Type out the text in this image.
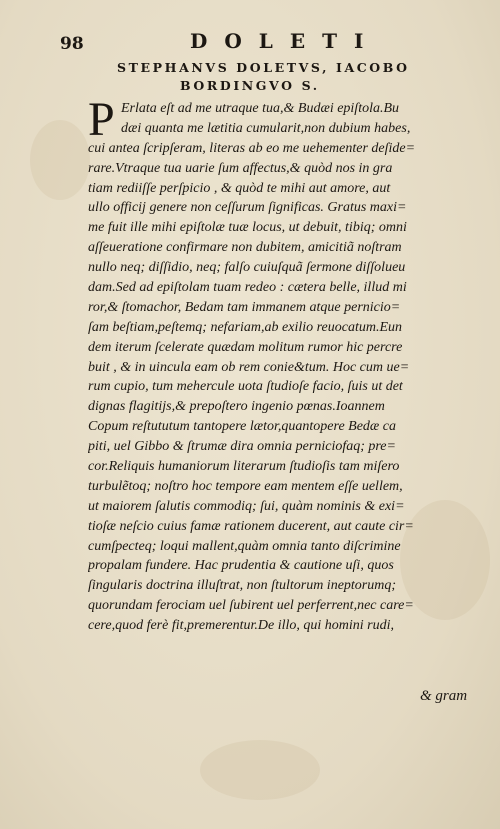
98	DOLETI
STEPHANVS DOLETVS, IACOBO
BORDINGVO S.
P Erlata eſt ad me utraque tua,& Budæi epiſtola.Bu
dæi quanta me lætitia cumularit,non dubium habes,
cui antea ſcripſeram, literas ab eo me uehementer deſide=
rare.Vtraque tua uarie ſum affectus,& quòd nos in gra
tiam rediiſſe perſpicio , & quòd te mihi aut amore, aut
ullo officij genere non ceſſurum ſignificas. Gratus maxi=
me fuit ille mihi epiſtolæ tuæ locus, ut debuit, tibiq; omni
aſſeueratione confirmare non dubitem, amicitiã noſtram
nullo neq; diſſidio, neq; falſo cuiuſquã ſermone diſſolueu
dam.Sed ad epiſtolam tuam redeo : cætera belle, illud mi
ror,& ſtomachor, Bedam tam immanem atque pernicio=
ſam beſtiam,peſtemq; nefariam,ab exilio reuocatum.Eun
dem iterum ſcelerate quædam molitum rumor hic percre
buit , & in uincula eam ob rem conie&tum. Hoc cum ue=
rum cupio, tum mehercule uota ſtudioſe facio, ſuis ut det
dignas flagitijs,& prepoſtero ingenio pœnas.Ioannem
Copum reſtututum tantopere lætor,quantopere Bedæ ca
piti, uel Gibbo & ſtrumæ dira omnia perniciofaq; pre=
cor.Reliquis humaniorum literarum ſtudioſis tam miſero
turbulẽtoq; noſtro hoc tempore eam mentem eſſe uellem,
ut maiorem ſalutis commodiq; ſui, quàm nominis & exi=
tioſæ neſcio cuius famæ rationem ducerent, aut caute cir=
cumſpecteq; loqui mallent,quàm omnia tanto diſcrimine
propalam fundere. Hac prudentia & cautione uſi, quos
ſingularis doctrina illuſtrat, non ſtultorum ineptorumq;
quorundam ferociam uel ſubirent uel perferrent,nec care=
cere,quod ferè fit,premerentur.De illo, qui homini rudi,
& gram
